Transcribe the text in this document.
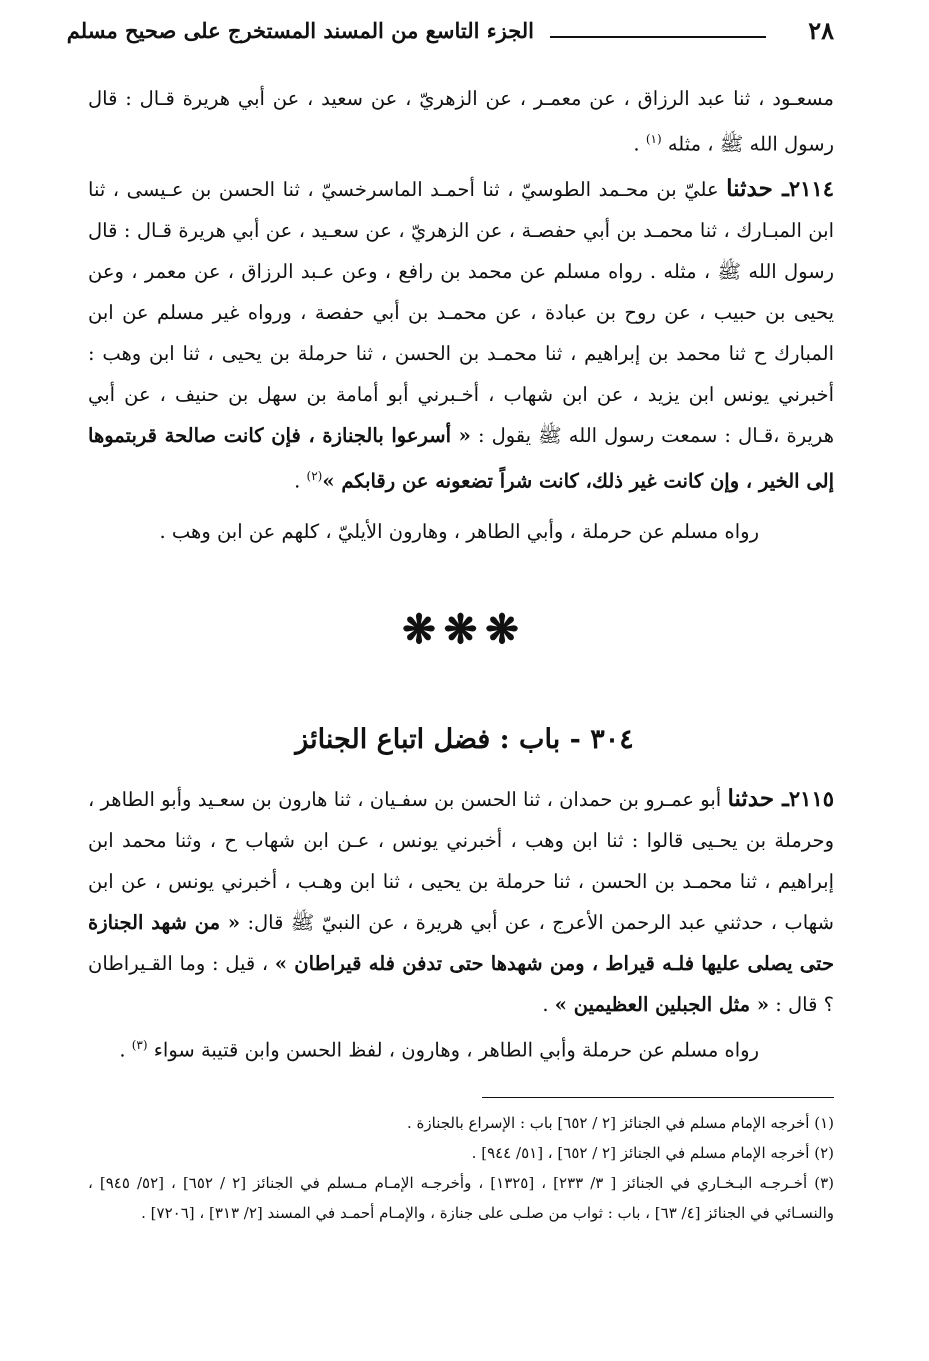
٢٨
الجزء التاسع من المسند المستخرج على صحيح مسلم

مسعـود ، ثنا عبد الرزاق ، عن معمـر ، عن الزهريّ ، عن سعيد ، عن أبي هريرة قـال : قال رسول الله ﷺ ، مثله $^{(١)}$ .

٢١١٤ـ حدثنا عليّ بن محـمد الطوسيّ ، ثنا أحمـد الماسرخسيّ ، ثنا الحسن بن عـيسى ، ثنا ابن المبـارك ، ثنا محمـد بن أبي حفصـة ، عن الزهريّ ، عن سعـيد ، عن أبي هريرة قـال : قال رسول الله ﷺ ، مثله . رواه مسلم عن محمد بن رافع ، وعن عـبد الرزاق ، عن معمر ، وعن يحيى بن حبيب ، عن روح بن عبادة ، عن محمـد بن أبي حفصة ، ورواه غير مسلم عن ابن المبارك ح ثنا محمد بن إبراهيم ، ثنا محمـد بن الحسن ، ثنا حرملة بن يحيى ، ثنا ابن وهب : أخبرني يونس ابن يزيد ، عن ابن شهاب ، أخـبرني أبو أمامة بن سهل بن حنيف ، عن أبي هريرة ،قـال : سمعت رسول الله ﷺ يقول : « أسرعوا بالجنازة ، فإن كانت صالحة قربتموها إلى الخير ، وإن كانت غير ذلك، كانت شراً تضعونه عن رقابكم »$^{(٢)}$ .

رواه مسلم عن حرملة ، وأبي الطاهر ، وهارون الأيليّ ، كلهم عن ابن وهب .
❋❋❋
٣٠٤ - باب : فضل اتباع الجنائز

٢١١٥ـ حدثنا أبو عمـرو بن حمدان ، ثنا الحسن بن سفـيان ، ثنا هارون بن سعـيد وأبو الطاهر ، وحرملة بن يحـيى قالوا : ثنا ابن وهب ، أخبرني يونس ، عـن ابن شهاب ح ، وثنا محمد ابن إبراهيم ، ثنا محمـد بن الحسن ، ثنا حرملة بن يحيى ، ثنا ابن وهـب ، أخبرني يونس ، عن ابن شهاب ، حدثني عبد الرحمن الأعرج ، عن أبي هريرة ، عن النبيّ ﷺ قال: « من شهد الجنازة حتى يصلى عليها فلـه قيراط ، ومن شهدها حتى تدفن فله قيراطان » ، قيل : وما القـيراطان ؟ قال : « مثل الجبلين العظيمين » .

رواه مسلم عن حرملة وأبي الطاهر ، وهارون ، لفظ الحسن وابن قتيبة سواء $^{(٣)}$ .

(١) أخرجه الإمام مسلم في الجنائز [٢ / ٦٥٢] باب : الإسراع بالجنازة .

(٢) أخرجه الإمام مسلم في الجنائز [٢ / ٦٥٢] ، [٥١/ ٩٤٤] .

(٣) أخـرجـه البـخـاري في الجنائز [ ٣/ ٢٣٣] ، [١٣٢٥] ، وأخرجـه الإمـام مـسلم في الجنائز [٢ / ٦٥٢] ، [٥٢/ ٩٤٥] ، والنسـائي في الجنائز [٤/ ٦٣] ، باب : ثواب من صلـى على جنازة ، والإمـام أحمـد في المسند [٢/ ٣١٣] ، [٧٢٠٦] .
